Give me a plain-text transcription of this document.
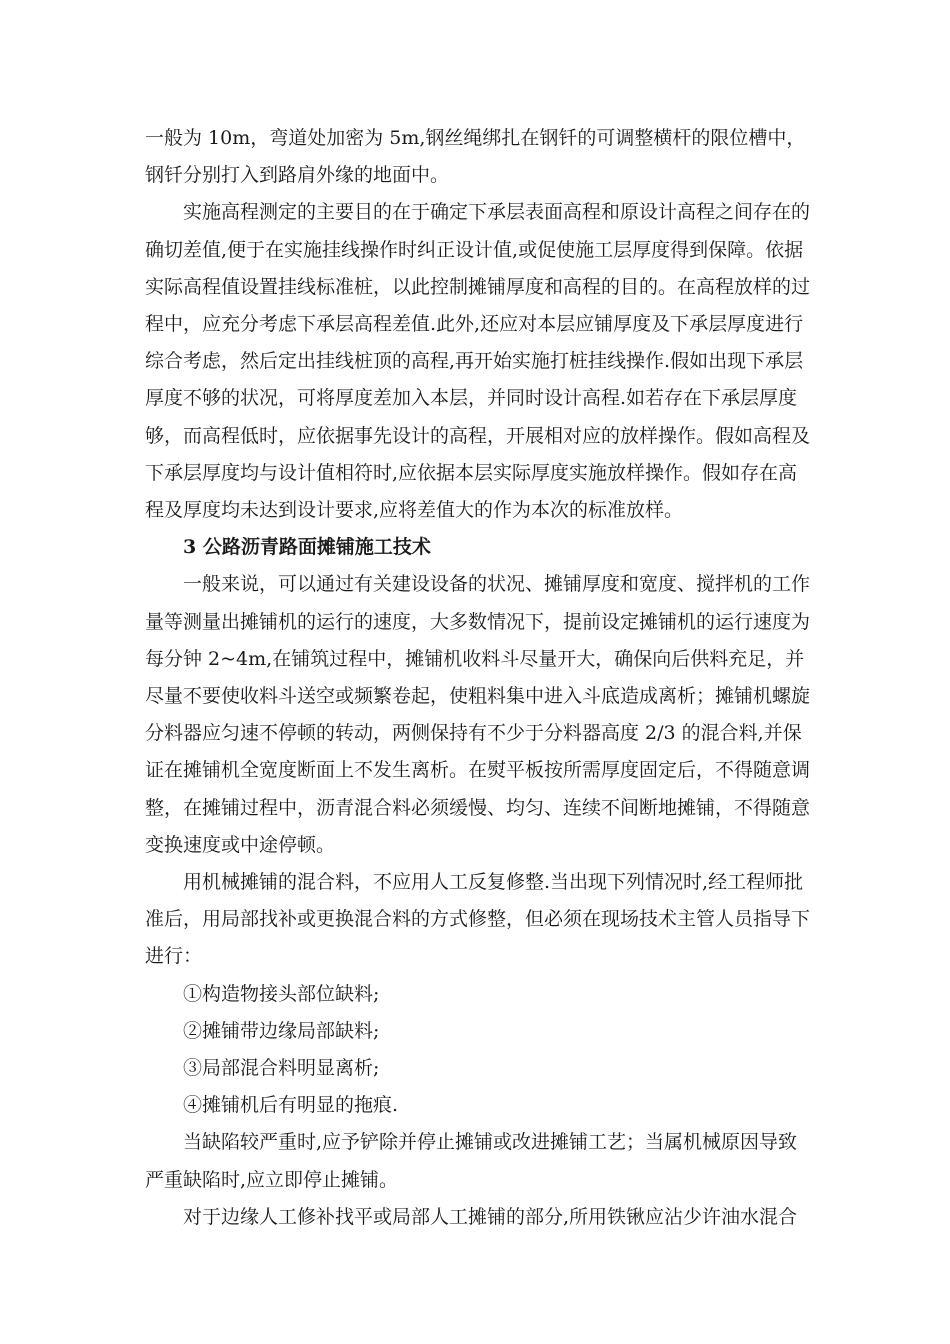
一般为 10m，弯道处加密为 5m,钢丝绳绑扎在钢钎的可调整横杆的限位槽中，钢钎分别打入到路肩外缘的地面中。

实施高程测定的主要目的在于确定下承层表面高程和原设计高程之间存在的确切差值,便于在实施挂线操作时纠正设计值,或促使施工层厚度得到保障。依据实际高程值设置挂线标准桩，以此控制摊铺厚度和高程的目的。在高程放样的过程中，应充分考虑下承层高程差值.此外,还应对本层应铺厚度及下承层厚度进行综合考虑，然后定出挂线桩顶的高程,再开始实施打桩挂线操作.假如出现下承层厚度不够的状况，可将厚度差加入本层，并同时设计高程.如若存在下承层厚度够，而高程低时，应依据事先设计的高程，开展相对应的放样操作。假如高程及下承层厚度均与设计值相符时,应依据本层实际厚度实施放样操作。假如存在高程及厚度均未达到设计要求,应将差值大的作为本次的标准放样。

3 公路沥青路面摊铺施工技术

一般来说，可以通过有关建设设备的状况、摊铺厚度和宽度、搅拌机的工作量等测量出摊铺机的运行的速度，大多数情况下，提前设定摊铺机的运行速度为每分钟 2~4m,在铺筑过程中，摊铺机收料斗尽量开大，确保向后供料充足，并尽量不要使收料斗送空或频繁卷起，使粗料集中进入斗底造成离析；摊铺机螺旋分料器应匀速不停顿的转动，两侧保持有不少于分料器高度 2/3 的混合料,并保证在摊铺机全宽度断面上不发生离析。在熨平板按所需厚度固定后，不得随意调整，在摊铺过程中，沥青混合料必须缓慢、均匀、连续不间断地摊铺，不得随意变换速度或中途停顿。

用机械摊铺的混合料，不应用人工反复修整.当出现下列情况时,经工程师批准后，用局部找补或更换混合料的方式修整，但必须在现场技术主管人员指导下进行：

①构造物接头部位缺料;

②摊铺带边缘局部缺料;

③局部混合料明显离析;

④摊铺机后有明显的拖痕.

当缺陷较严重时,应予铲除并停止摊铺或改进摊铺工艺；当属机械原因导致严重缺陷时,应立即停止摊铺。

对于边缘人工修补找平或局部人工摊铺的部分,所用铁锹应沾少许油水混合
